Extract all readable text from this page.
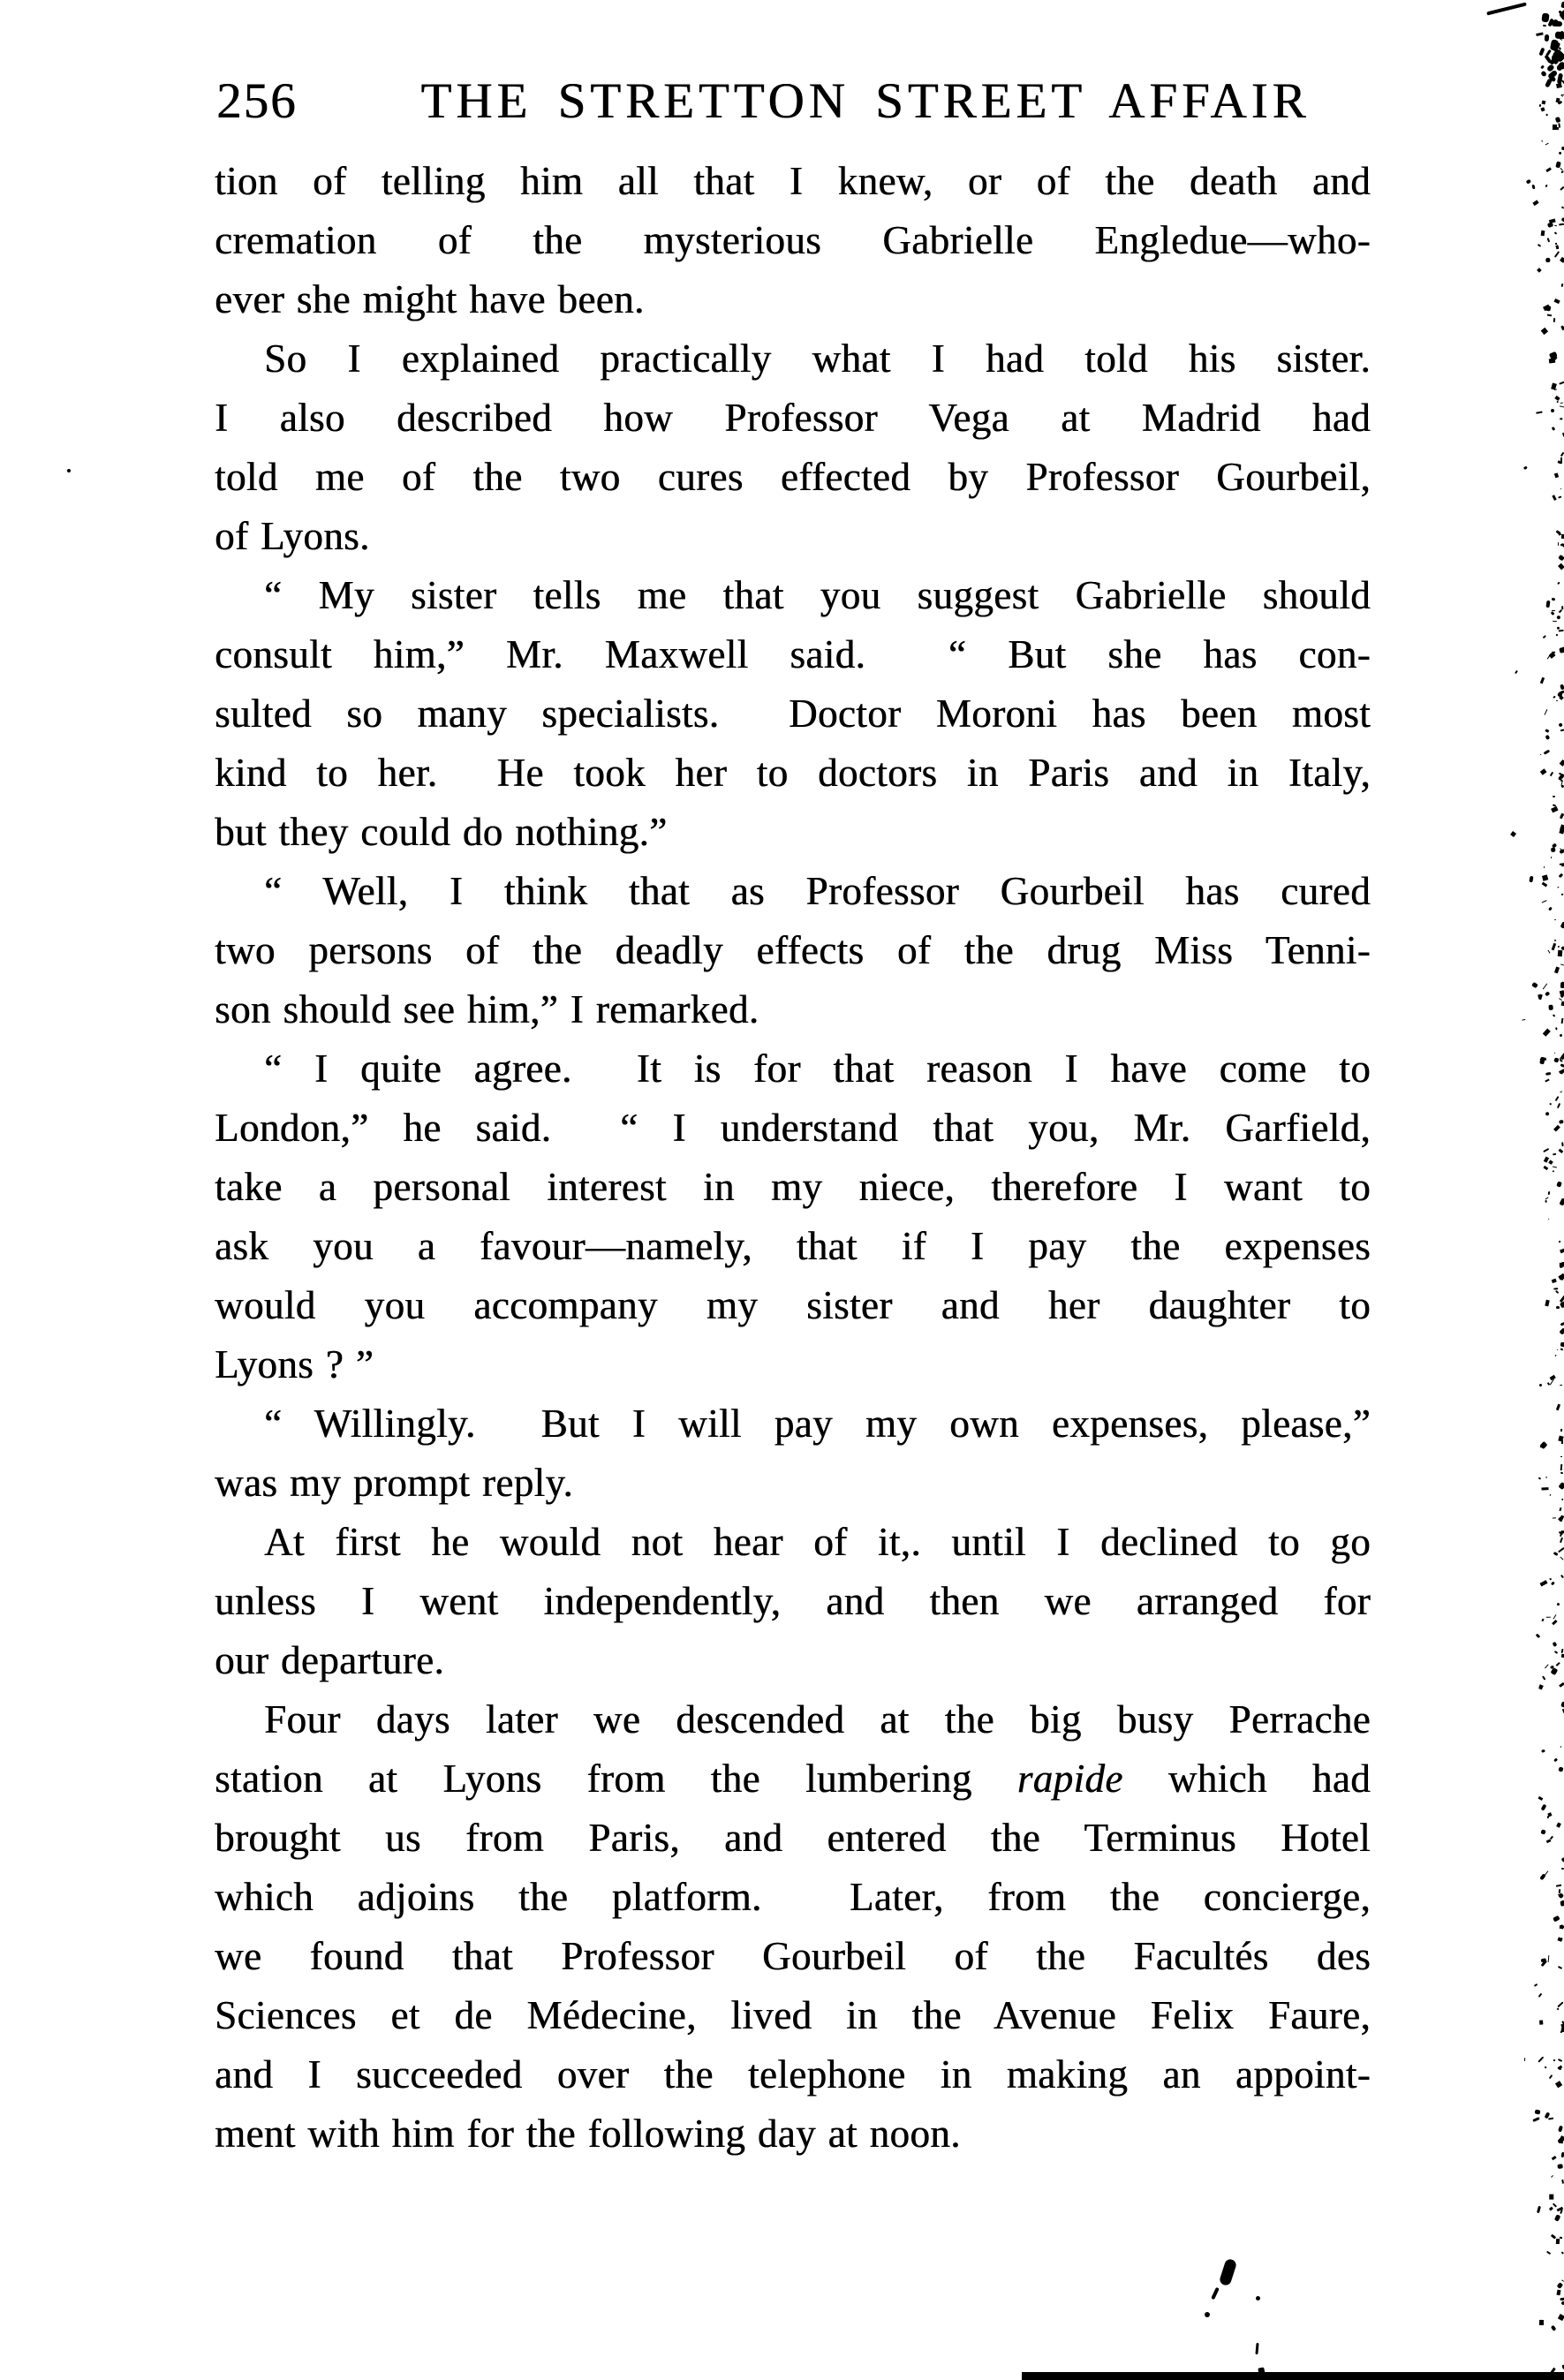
256	THE STRETTON STREET AFFAIR
tion of telling him all that I knew, or of the death and
cremation of the mysterious Gabrielle Engledue—who-
ever she might have been.
So I explained practically what I had told his sister.
I also described how Professor Vega at Madrid had
told me of the two cures effected by Professor Gourbeil,
of Lyons.
“ My sister tells me that you suggest Gabrielle should
consult him,” Mr. Maxwell said.  “ But she has con-
sulted so many specialists.  Doctor Moroni has been most
kind to her.  He took her to doctors in Paris and in Italy,
but they could do nothing.”
“ Well, I think that as Professor Gourbeil has cured
two persons of the deadly effects of the drug Miss Tenni-
son should see him,” I remarked.
“ I quite agree.  It is for that reason I have come to
London,” he said.  “ I understand that you, Mr. Garfield,
take a personal interest in my niece, therefore I want to
ask you a favour—namely, that if I pay the expenses
would you accompany my sister and her daughter to
Lyons ? ”
“ Willingly.  But I will pay my own expenses, please,”
was my prompt reply.
At first he would not hear of it,. until I declined to go
unless I went independently, and then we arranged for
our departure.
Four days later we descended at the big busy Perrache
station at Lyons from the lumbering rapide which had
brought us from Paris, and entered the Terminus Hotel
which adjoins the platform.  Later, from the concierge,
we found that Professor Gourbeil of the Facultés des
Sciences et de Médecine, lived in the Avenue Felix Faure,
and I succeeded over the telephone in making an appoint-
ment with him for the following day at noon.
